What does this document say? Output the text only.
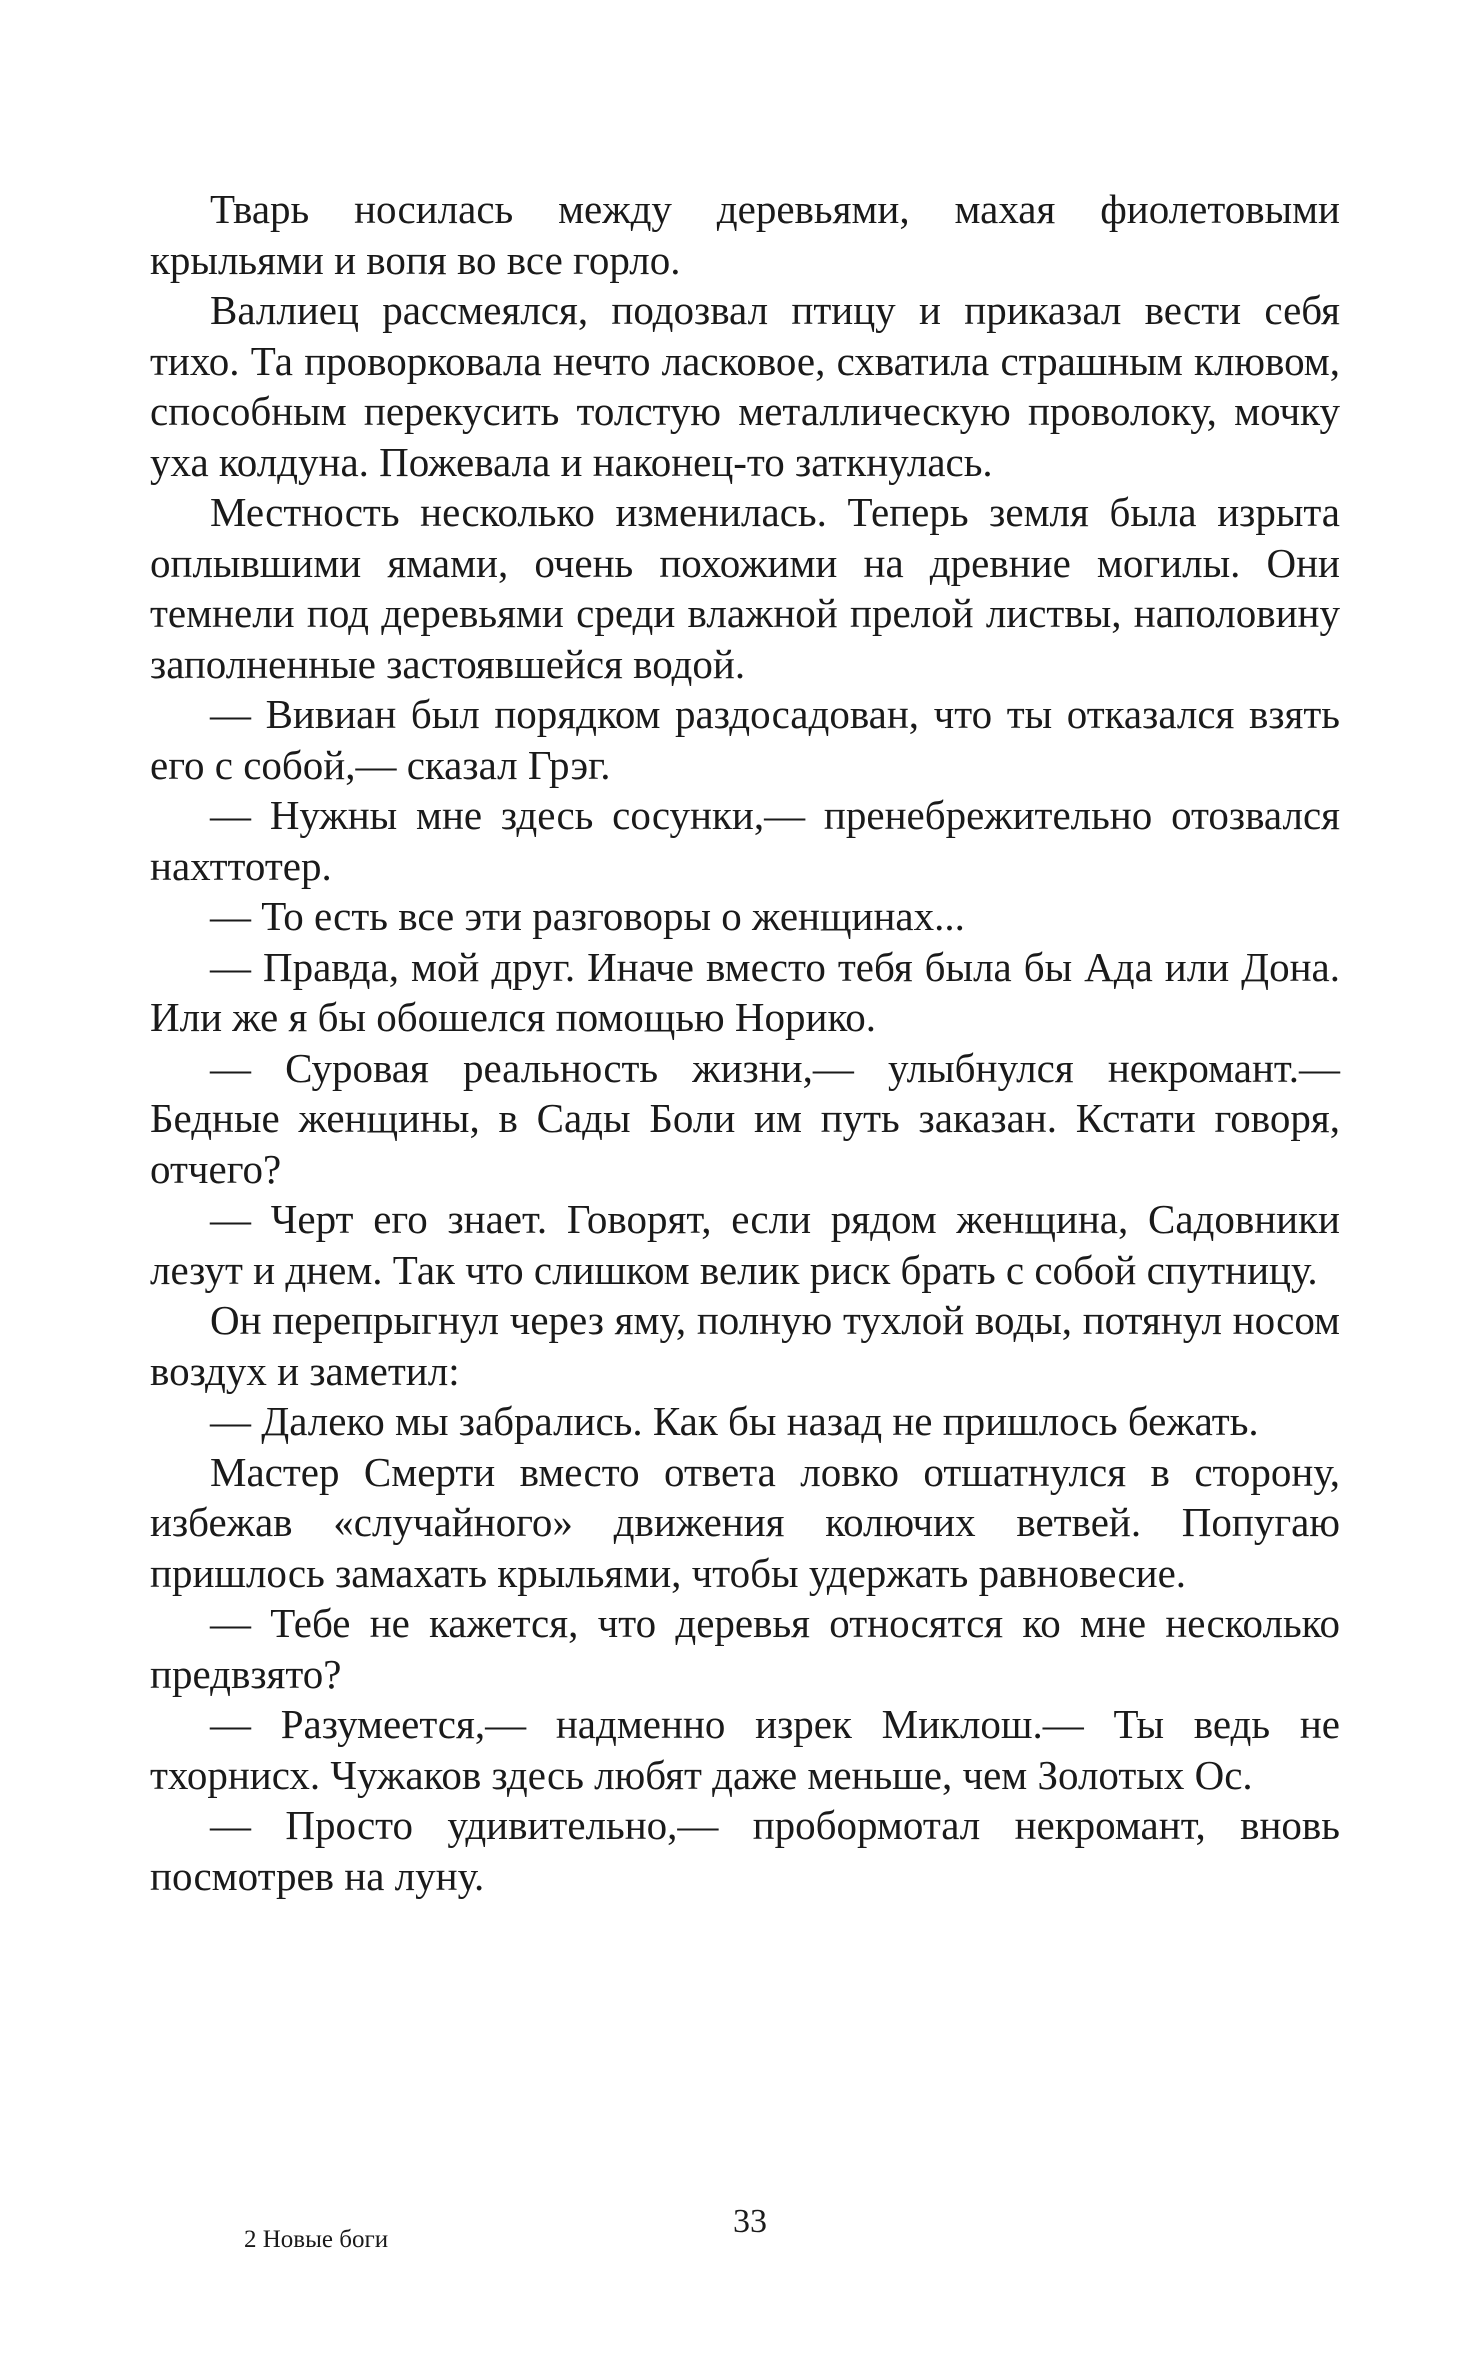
Тварь носилась между деревьями, махая фиолетовыми крыльями и вопя во все горло.

Валлиец рассмеялся, подозвал птицу и приказал вести себя тихо. Та проворковала нечто ласковое, схватила страшным клювом, способным перекусить толстую металлическую проволоку, мочку уха колдуна. Пожевала и наконец-то заткнулась.

Местность несколько изменилась. Теперь земля была изрыта оплывшими ямами, очень похожими на древние могилы. Они темнели под деревьями среди влажной прелой листвы, наполовину заполненные застоявшейся водой.

— Вивиан был порядком раздосадован, что ты отказался взять его с собой,— сказал Грэг.

— Нужны мне здесь сосунки,— пренебрежительно отозвался нахттотер.

— То есть все эти разговоры о женщинах...

— Правда, мой друг. Иначе вместо тебя была бы Ада или Дона. Или же я бы обошелся помощью Норико.

— Суровая реальность жизни,— улыбнулся некромант.— Бедные женщины, в Сады Боли им путь заказан. Кстати говоря, отчего?

— Черт его знает. Говорят, если рядом женщина, Садовники лезут и днем. Так что слишком велик риск брать с собой спутницу.

Он перепрыгнул через яму, полную тухлой воды, потянул носом воздух и заметил:

— Далеко мы забрались. Как бы назад не пришлось бежать.

Мастер Смерти вместо ответа ловко отшатнулся в сторону, избежав «случайного» движения колючих ветвей. Попугаю пришлось замахать крыльями, чтобы удержать равновесие.

— Тебе не кажется, что деревья относятся ко мне несколько предвзято?

— Разумеется,— надменно изрек Миклош.— Ты ведь не тхорнисх. Чужаков здесь любят даже меньше, чем Золотых Ос.

— Просто удивительно,— пробормотал некромант, вновь посмотрев на луну.

33
2 Новые боги
